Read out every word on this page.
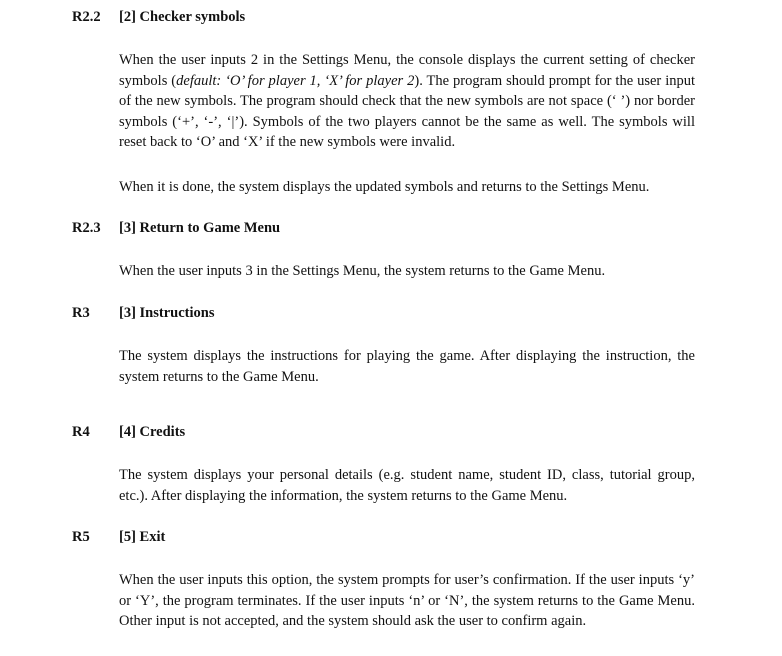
R2.2 [2] Checker symbols

When the user inputs 2 in the Settings Menu, the console displays the current setting of checker symbols (default: ‘O’ for player 1, ‘X’ for player 2). The program should prompt for the user input of the new symbols. The program should check that the new symbols are not space (‘ ’) nor border symbols (‘+’, ‘-’, ‘|’). Symbols of the two players cannot be the same as well. The symbols will reset back to ‘O’ and ‘X’ if the new symbols were invalid.

When it is done, the system displays the updated symbols and returns to the Settings Menu.

R2.3 [3] Return to Game Menu

When the user inputs 3 in the Settings Menu, the system returns to the Game Menu.

R3 [3] Instructions

The system displays the instructions for playing the game. After displaying the instruction, the system returns to the Game Menu.

R4 [4] Credits

The system displays your personal details (e.g. student name, student ID, class, tutorial group, etc.). After displaying the information, the system returns to the Game Menu.

R5 [5] Exit

When the user inputs this option, the system prompts for user’s confirmation. If the user inputs ‘y’ or ‘Y’, the program terminates. If the user inputs ‘n’ or ‘N’, the system returns to the Game Menu. Other input is not accepted, and the system should ask the user to confirm again.
